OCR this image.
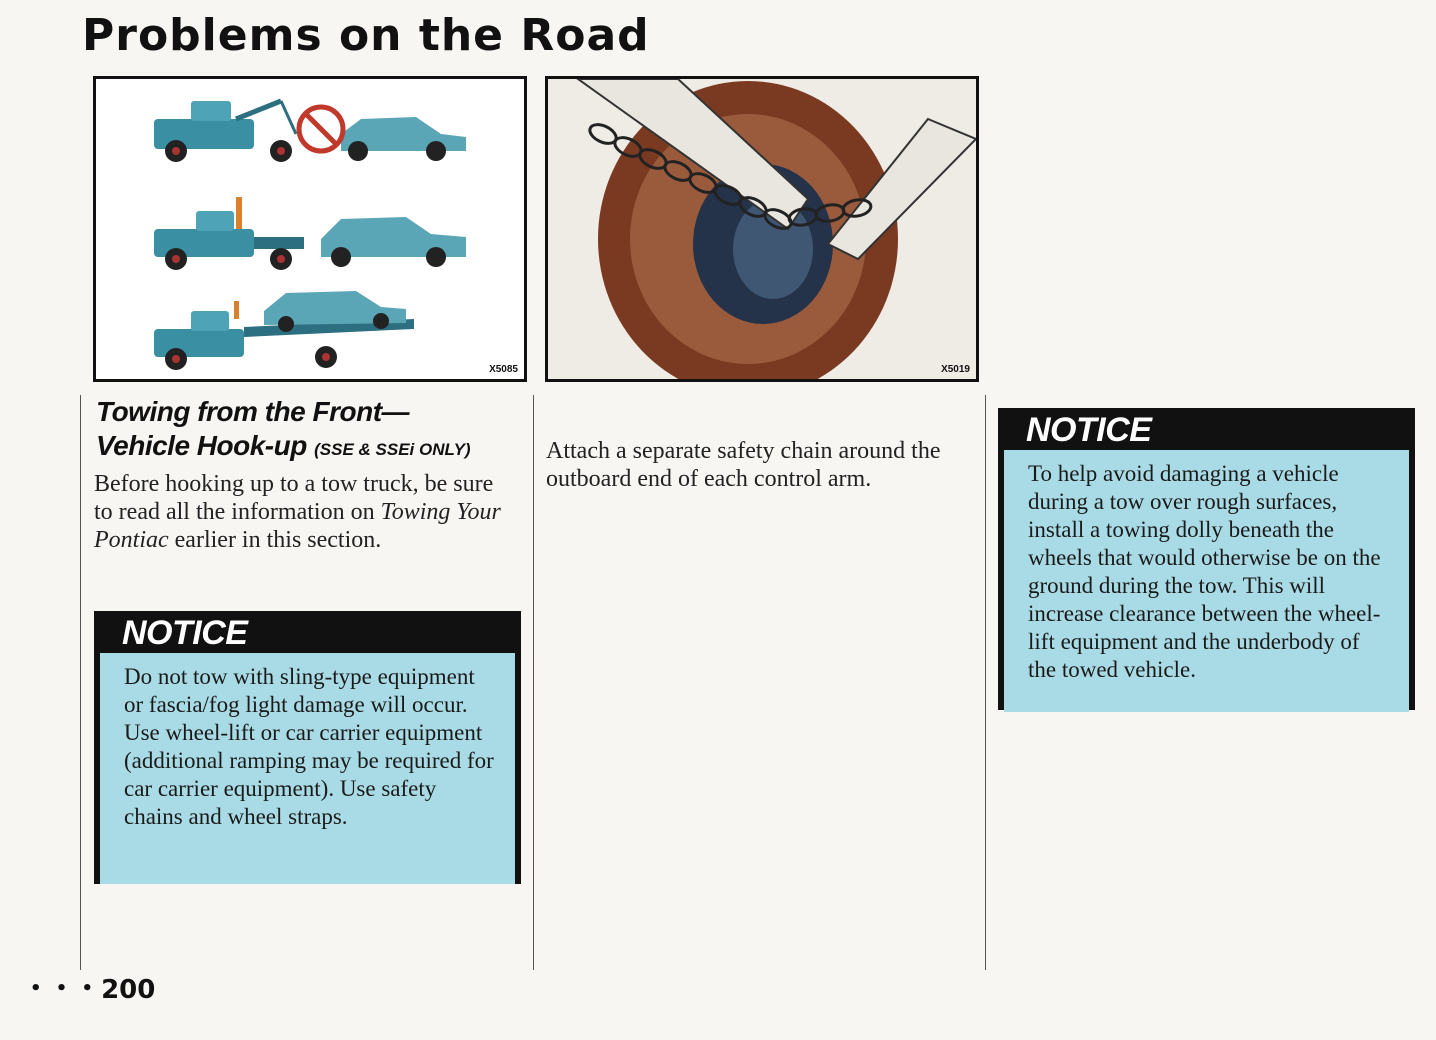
Problems on the Road
X5085	X5019
Towing from the Front—
Vehicle Hook-up (SSE & SSEi ONLY)
Before hooking up to a tow truck, be sure to read all the information on Towing Your Pontiac earlier in this section.
NOTICE
Do not tow with sling-type equipment or fascia/fog light damage will occur. Use wheel-lift or car carrier equipment (additional ramping may be required for car carrier equipment). Use safety chains and wheel straps.
Attach a separate safety chain around the outboard end of each control arm.
NOTICE
To help avoid damaging a vehicle during a tow over rough surfaces, install a towing dolly beneath the wheels that would otherwise be on the ground during the tow. This will increase clearance between the wheel-lift equipment and the underbody of the towed vehicle.
• • • 200
